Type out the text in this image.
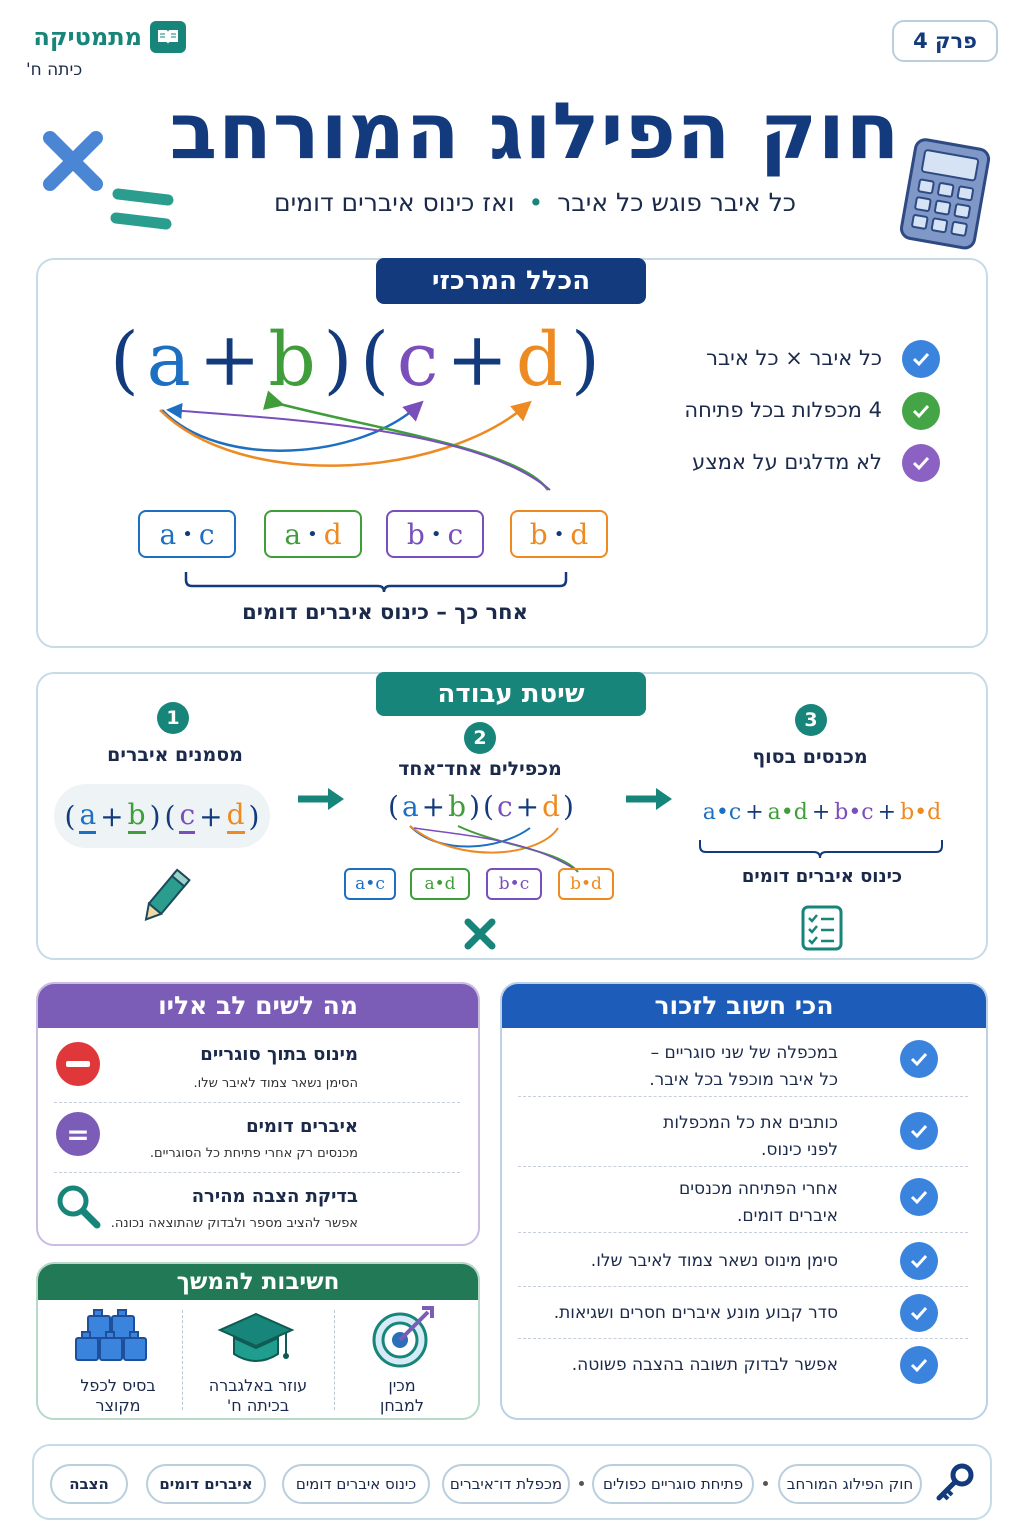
מתמטיקה
כיתה ח'
פרק 4
חוק הפילוג המורחב
כל איבר פוגש כל איבר • ואז כינוס איברים דומים
הכלל המרכזי
( a + b ) ( c + d )
a • c a • d b • c b • d
אחר כך – כינוס איברים דומים
כל איבר × כל איבר
4 מכפלות בכל פתיחה
לא מדלגים על אמצע
שיטת עבודה
1
מסמנים איברים
( a + b ) ( c + d )
2
מכפילים אחד־אחד
( a + b ) ( c + d )
a•c a•d	b•c b•d
3
מכנסים בסוף
a•c + a•d + b•c + b•d
כינוס איברים דומים
מה לשים לב אליו
מינוס בתוך סוגריים
הסימן נשאר צמוד לאיבר שלו.
=	איברים דומים
מכנסים רק אחרי פתיחת כל הסוגריים.
בדיקת הצבה מהירה
אפשר להציב מספר ולבדוק שהתוצאה נכונה.
חשיבות להמשך
מכין
למבחן
עוזר באלגברה
בכיתה ח'
בסיס לכפל
מקוצר
הכי חשוב לזכור
במכפלה של שני סוגריים –
כל איבר מוכפל בכל איבר.
כותבים את כל המכפלות
לפני כינוס.
אחרי הפתיחה מכנסים
איברים דומים.
סימן מינוס נשאר צמוד לאיבר שלו.
סדר קבוע מונע איברים חסרים ושגיאות.
אפשר לבדוק תשובה בהצבה פשוטה.
חוק הפילוג המורחב
פתיחת סוגריים כפולים
מכפלת דו־איברים
כינוס איברים דומים
איברים דומים
הצבה
